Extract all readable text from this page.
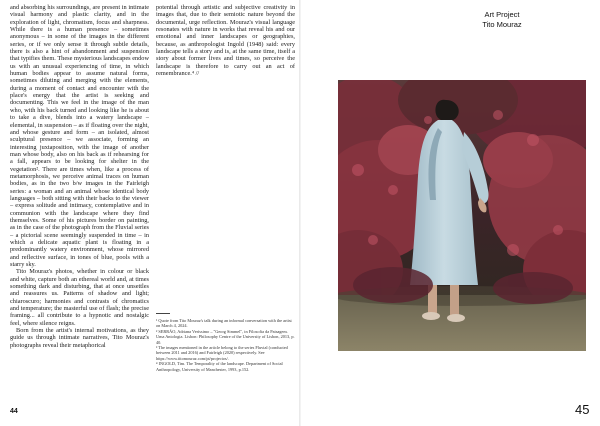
and absorbing his surroundings, are present in intimate visual harmony and plastic clarity, and in the exploration of light, chromatism, focus and sharpness. While there is a human presence – sometimes anonymous – in some of the images in the different series, or if we only sense it through subtle details, there is also a hint of abandonment and suspension that typifies them. These mysterious landscapes endow us with an unusual experiencing of time, in which human bodies appear to assume natural forms, sometimes diluting and merging with the elements, during a moment of contact and encounter with the place's energy that the artist is seeking and documenting. This we feel in the image of the man who, with his back turned and looking like he is about to take a dive, blends into a watery landscape – elemental, in suspension – as if floating over the night, and whose gesture and form – an isolated, almost sculptural presence – we associate, forming an interesting juxtaposition, with the image of another man whose body, also on his back as if rehearsing for a fall, appears to be looking for shelter in the vegetation². There are times when, like a process of metamorphosis, we perceive animal traces on human bodies, as in the two b/w images in the Fairleigh series: a woman and an animal whose identical body languages – both sitting with their backs to the viewer – express solitude and intimacy, contemplative and in communion with the landscape where they find themselves. Some of his pictures border on painting, as in the case of the photograph from the Fluvial series – a pictorial scene seemingly suspended in time – in which a delicate aquatic plant is floating in a predominantly watery environment, whose mirrored and reflective surface, in tones of blue, pools with a starry sky.

Tito Mouraz's photos, whether in colour or black and white, capture both an ethereal world and, at times something dark and disturbing, that at once unsettles and reassures us. Patterns of shadow and light; chiaroscuro; harmonies and contrasts of chromatics and temperature; the masterful use of flash; the precise framing... all contribute to a hypnotic and nostalgic feel, where silence reigns.

Born from the artist's internal motivations, as they guide us through intimate narratives, Tito Mouraz's photographs reveal their metaphorical

potential through artistic and subjective creativity in images that, due to their semiotic nature beyond the documental, urge reflection. Mouraz's visual language resonates with nature in works that reveal his and our emotional and inner landscapes or geographies, because, as anthropologist Ingold (1948) said: every landscape tells a story and is, at the same time, itself a story about former lives and times, so perceive the landscape is therefore to carry out an act of remembrance.⁴ //

¹ Quote from Tito Mouraz's talk during an informal conversation with the artist on March 4, 2024.

² SERRÃO, Adriana Veríssimo – "Georg Simmel", in Filosofia da Paisagem. Uma Antologia. Lisbon: Philosophy Centre of the University of Lisbon, 2013, p. 40.

³ The images mentioned in the article belong to the series Fluvial (conducted between 2011 and 2016) and Fairleigh (2020) respectively. See https://www.titomouraz.com/pt/projectos/.

⁴ INGOLD, Tim. The Temporality of the landscape. Department of Social Anthropology, University of Manchester, 1993, p.152.

44
Art Project
Tito Mouraz
45
